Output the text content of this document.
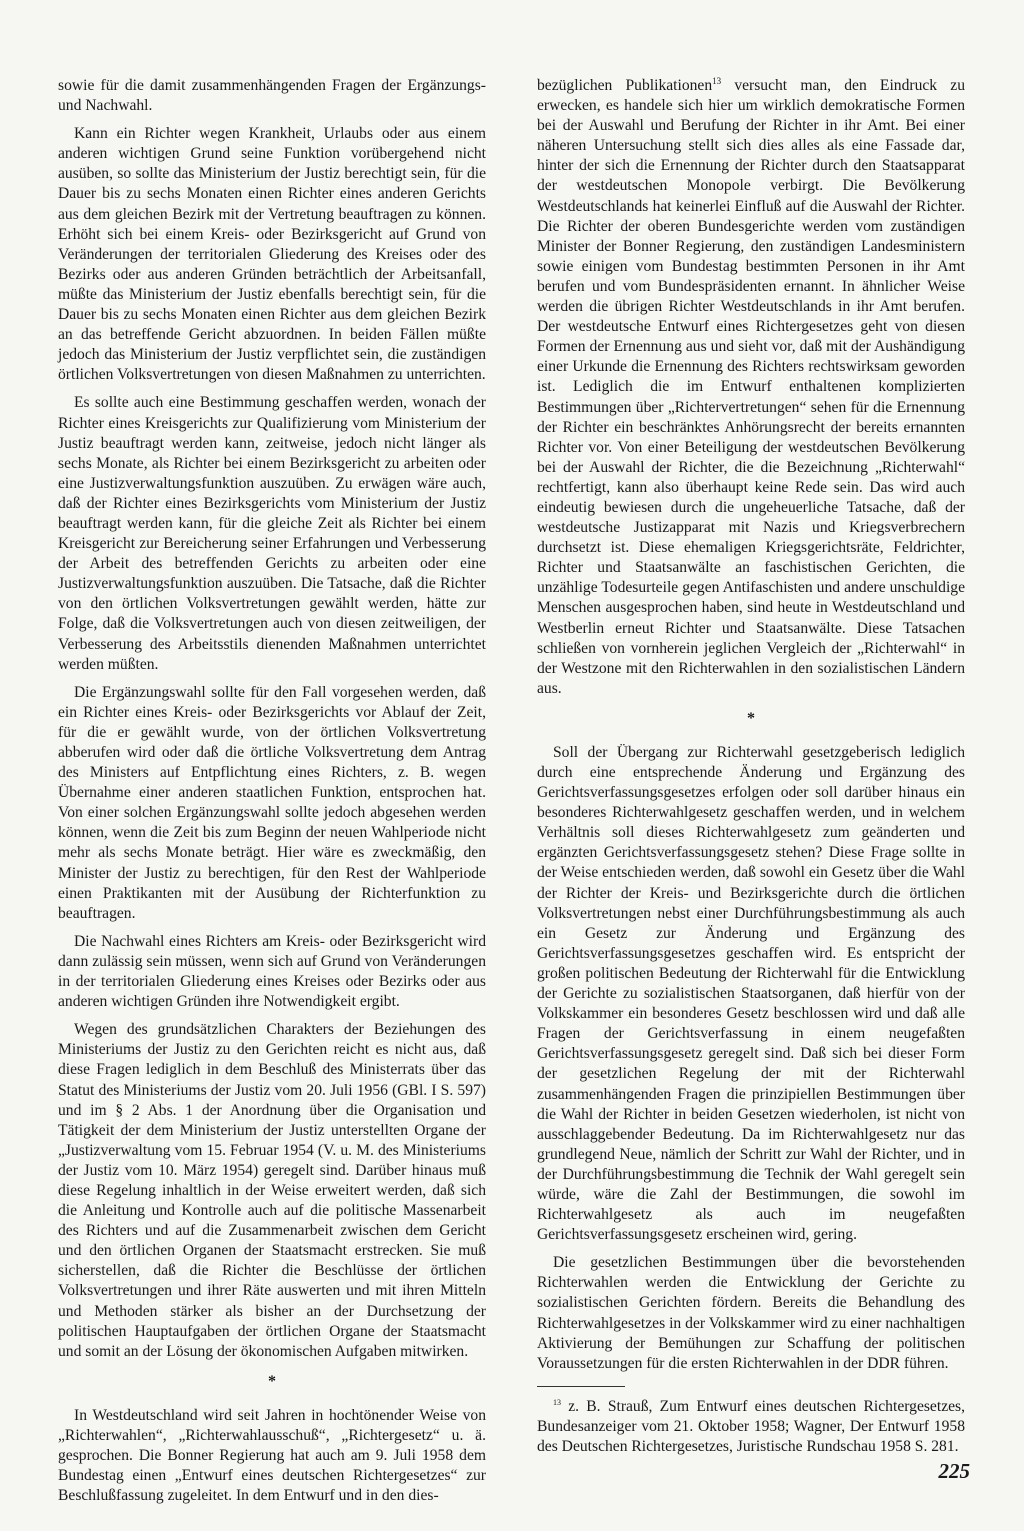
sowie für die damit zusammenhängenden Fragen der Ergänzungs- und Nachwahl.

Kann ein Richter wegen Krankheit, Urlaubs oder aus einem anderen wichtigen Grund seine Funktion vorübergehend nicht ausüben, so sollte das Ministerium der Justiz berechtigt sein, für die Dauer bis zu sechs Monaten einen Richter eines anderen Gerichts aus dem gleichen Bezirk mit der Vertretung beauftragen zu können. Erhöht sich bei einem Kreis- oder Bezirksgericht auf Grund von Veränderungen der territorialen Gliederung des Kreises oder des Bezirks oder aus anderen Gründen beträchtlich der Arbeitsanfall, müßte das Ministerium der Justiz ebenfalls berechtigt sein, für die Dauer bis zu sechs Monaten einen Richter aus dem gleichen Bezirk an das betreffende Gericht abzuordnen. In beiden Fällen müßte jedoch das Ministerium der Justiz verpflichtet sein, die zuständigen örtlichen Volksvertretungen von diesen Maßnahmen zu unterrichten.

Es sollte auch eine Bestimmung geschaffen werden, wonach der Richter eines Kreisgerichts zur Qualifizierung vom Ministerium der Justiz beauftragt werden kann, zeitweise, jedoch nicht länger als sechs Monate, als Richter bei einem Bezirksgericht zu arbeiten oder eine Justizverwaltungsfunktion auszuüben. Zu erwägen wäre auch, daß der Richter eines Bezirksgerichts vom Ministerium der Justiz beauftragt werden kann, für die gleiche Zeit als Richter bei einem Kreisgericht zur Bereicherung seiner Erfahrungen und Verbesserung der Arbeit des betreffenden Gerichts zu arbeiten oder eine Justizverwaltungsfunktion auszuüben. Die Tatsache, daß die Richter von den örtlichen Volksvertretungen gewählt werden, hätte zur Folge, daß die Volksvertretungen auch von diesen zeitweiligen, der Verbesserung des Arbeitsstils dienenden Maßnahmen unterrichtet werden müßten.

Die Ergänzungswahl sollte für den Fall vorgesehen werden, daß ein Richter eines Kreis- oder Bezirksgerichts vor Ablauf der Zeit, für die er gewählt wurde, von der örtlichen Volksvertretung abberufen wird oder daß die örtliche Volksvertretung dem Antrag des Ministers auf Entpflichtung eines Richters, z. B. wegen Übernahme einer anderen staatlichen Funktion, entsprochen hat. Von einer solchen Ergänzungswahl sollte jedoch abgesehen werden können, wenn die Zeit bis zum Beginn der neuen Wahlperiode nicht mehr als sechs Monate beträgt. Hier wäre es zweckmäßig, den Minister der Justiz zu berechtigen, für den Rest der Wahlperiode einen Praktikanten mit der Ausübung der Richterfunktion zu beauftragen.

Die Nachwahl eines Richters am Kreis- oder Bezirksgericht wird dann zulässig sein müssen, wenn sich auf Grund von Veränderungen in der territorialen Gliederung eines Kreises oder Bezirks oder aus anderen wichtigen Gründen ihre Notwendigkeit ergibt.

Wegen des grundsätzlichen Charakters der Beziehungen des Ministeriums der Justiz zu den Gerichten reicht es nicht aus, daß diese Fragen lediglich in dem Beschluß des Ministerrats über das Statut des Ministeriums der Justiz vom 20. Juli 1956 (GBl. I S. 597) und im § 2 Abs. 1 der Anordnung über die Organisation und Tätigkeit der dem Ministerium der Justiz unterstellten Organe der „Justizverwaltung vom 15. Februar 1954 (V. u. M. des Ministeriums der Justiz vom 10. März 1954) geregelt sind. Darüber hinaus muß diese Regelung inhaltlich in der Weise erweitert werden, daß sich die Anleitung und Kontrolle auch auf die politische Massenarbeit des Richters und auf die Zusammenarbeit zwischen dem Gericht und den örtlichen Organen der Staatsmacht erstrecken. Sie muß sicherstellen, daß die Richter die Beschlüsse der örtlichen Volksvertretungen und ihrer Räte auswerten und mit ihren Mitteln und Methoden stärker als bisher an der Durchsetzung der politischen Hauptaufgaben der örtlichen Organe der Staatsmacht und somit an der Lösung der ökonomischen Aufgaben mitwirken.

*

In Westdeutschland wird seit Jahren in hochtönender Weise von „Richterwahlen“, „Richterwahlausschuß“, „Richtergesetz“ u. ä. gesprochen. Die Bonner Regierung hat auch am 9. Juli 1958 dem Bundestag einen „Entwurf eines deutschen Richtergesetzes“ zur Beschlußfassung zugeleitet. In dem Entwurf und in den dies-

bezüglichen Publikationen$^{13}$ versucht man, den Eindruck zu erwecken, es handele sich hier um wirklich demokratische Formen bei der Auswahl und Berufung der Richter in ihr Amt. Bei einer näheren Untersuchung stellt sich dies alles als eine Fassade dar, hinter der sich die Ernennung der Richter durch den Staatsapparat der westdeutschen Monopole verbirgt. Die Bevölkerung Westdeutschlands hat keinerlei Einfluß auf die Auswahl der Richter. Die Richter der oberen Bundesgerichte werden vom zuständigen Minister der Bonner Regierung, den zuständigen Landesministern sowie einigen vom Bundestag bestimmten Personen in ihr Amt berufen und vom Bundespräsidenten ernannt. In ähnlicher Weise werden die übrigen Richter Westdeutschlands in ihr Amt berufen. Der westdeutsche Entwurf eines Richtergesetzes geht von diesen Formen der Ernennung aus und sieht vor, daß mit der Aushändigung einer Urkunde die Ernennung des Richters rechtswirksam geworden ist. Lediglich die im Entwurf enthaltenen komplizierten Bestimmungen über „Richtervertretungen“ sehen für die Ernennung der Richter ein beschränktes Anhörungsrecht der bereits ernannten Richter vor. Von einer Beteiligung der westdeutschen Bevölkerung bei der Auswahl der Richter, die die Bezeichnung „Richterwahl“ rechtfertigt, kann also überhaupt keine Rede sein. Das wird auch eindeutig bewiesen durch die ungeheuerliche Tatsache, daß der westdeutsche Justizapparat mit Nazis und Kriegsverbrechern durchsetzt ist. Diese ehemaligen Kriegsgerichtsräte, Feldrichter, Richter und Staatsanwälte an faschistischen Gerichten, die unzählige Todesurteile gegen Antifaschisten und andere unschuldige Menschen ausgesprochen haben, sind heute in Westdeutschland und Westberlin erneut Richter und Staatsanwälte. Diese Tatsachen schließen von vornherein jeglichen Vergleich der „Richterwahl“ in der Westzone mit den Richterwahlen in den sozialistischen Ländern aus.

*

Soll der Übergang zur Richterwahl gesetzgeberisch lediglich durch eine entsprechende Änderung und Ergänzung des Gerichtsverfassungsgesetzes erfolgen oder soll darüber hinaus ein besonderes Richterwahlgesetz geschaffen werden, und in welchem Verhältnis soll dieses Richterwahlgesetz zum geänderten und ergänzten Gerichtsverfassungsgesetz stehen? Diese Frage sollte in der Weise entschieden werden, daß sowohl ein Gesetz über die Wahl der Richter der Kreis- und Bezirksgerichte durch die örtlichen Volksvertretungen nebst einer Durchführungsbestimmung als auch ein Gesetz zur Änderung und Ergänzung des Gerichtsverfassungsgesetzes geschaffen wird. Es entspricht der großen politischen Bedeutung der Richterwahl für die Entwicklung der Gerichte zu sozialistischen Staatsorganen, daß hierfür von der Volkskammer ein besonderes Gesetz beschlossen wird und daß alle Fragen der Gerichtsverfassung in einem neugefaßten Gerichtsverfassungsgesetz geregelt sind. Daß sich bei dieser Form der gesetzlichen Regelung der mit der Richterwahl zusammenhängenden Fragen die prinzipiellen Bestimmungen über die Wahl der Richter in beiden Gesetzen wiederholen, ist nicht von ausschlaggebender Bedeutung. Da im Richterwahlgesetz nur das grundlegend Neue, nämlich der Schritt zur Wahl der Richter, und in der Durchführungsbestimmung die Technik der Wahl geregelt sein würde, wäre die Zahl der Bestimmungen, die sowohl im Richterwahlgesetz als auch im neugefaßten Gerichtsverfassungsgesetz erscheinen wird, gering.

Die gesetzlichen Bestimmungen über die bevorstehenden Richterwahlen werden die Entwicklung der Gerichte zu sozialistischen Gerichten fördern. Bereits die Behandlung des Richterwahlgesetzes in der Volkskammer wird zu einer nachhaltigen Aktivierung der Bemühungen zur Schaffung der politischen Voraussetzungen für die ersten Richterwahlen in der DDR führen.

$^{13}$ z. B. Strauß, Zum Entwurf eines deutschen Richtergesetzes, Bundesanzeiger vom 21. Oktober 1958; Wagner, Der Entwurf 1958 des Deutschen Richtergesetzes, Juristische Rundschau 1958 S. 281.

225
